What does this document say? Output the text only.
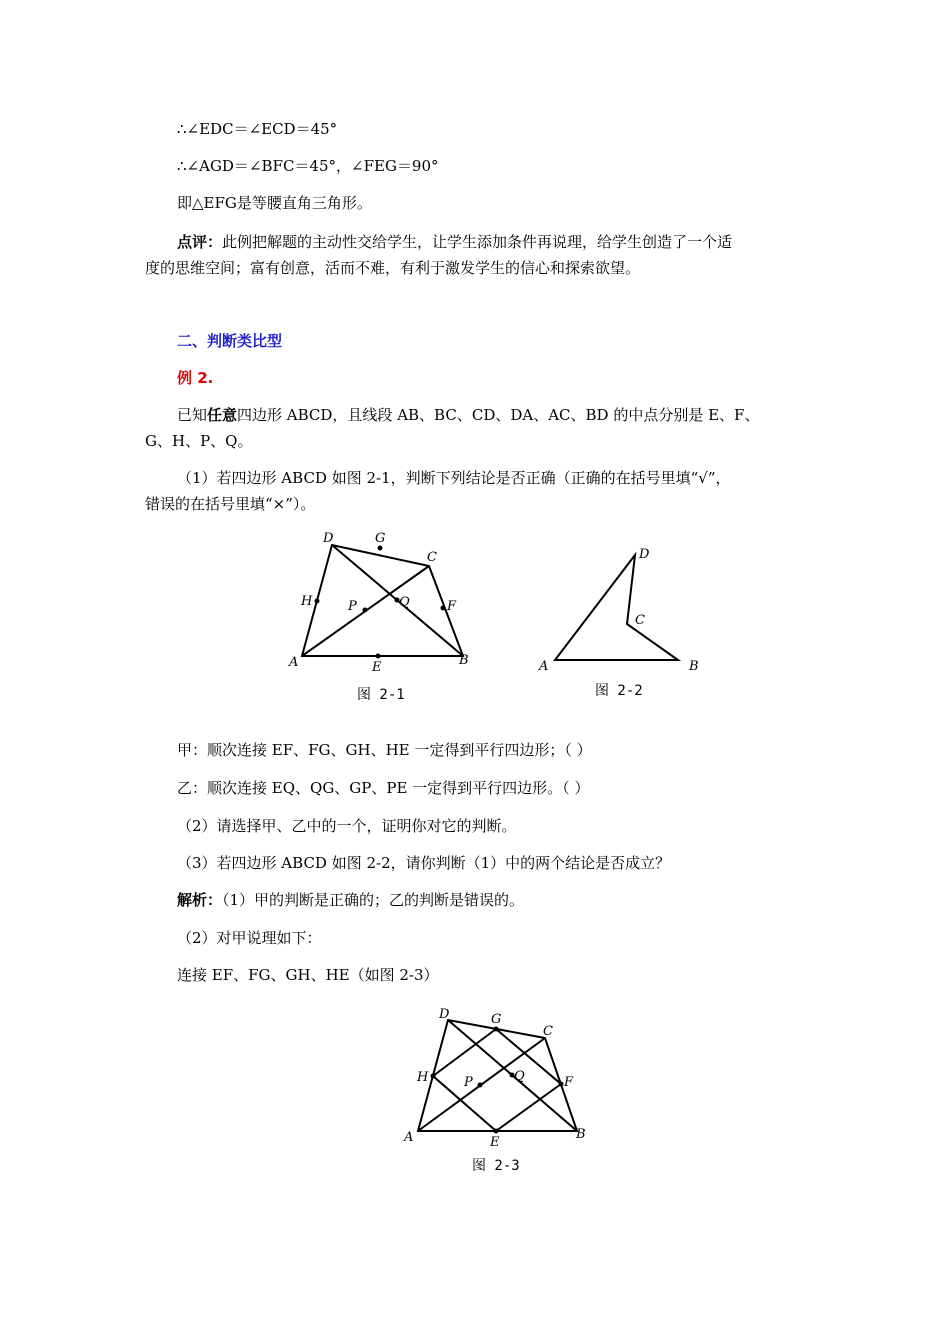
∴∠EDC＝∠ECD＝45°
∴∠AGD＝∠BFC＝45°，∠FEG＝90°
即△EFG是等腰直角三角形。
点评：此例把解题的主动性交给学生，让学生添加条件再说理，给学生创造了一个适
度的思维空间；富有创意，活而不难，有利于激发学生的信心和探索欲望。
二、判断类比型
例 2.
已知任意四边形 ABCD，且线段 AB、BC、CD、DA、AC、BD 的中点分别是 E、F、
G、H、P、Q。
（1）若四边形 ABCD 如图 2-1，判断下列结论是否正确（正确的在括号里填“√”，
错误的在括号里填“×”）。
D	G
C
H	P	Q	F
A	E	B
图 2-1
D
C
A	B
图 2-2
甲：顺次连接 EF、FG、GH、HE 一定得到平行四边形；（ ）
乙：顺次连接 EQ、QG、GP、PE 一定得到平行四边形。（ ）
（2）请选择甲、乙中的一个，证明你对它的判断。
（3）若四边形 ABCD 如图 2-2，请你判断（1）中的两个结论是否成立？
解析：（1）甲的判断是正确的；乙的判断是错误的。
（2）对甲说理如下：
连接 EF、FG、GH、HE（如图 2-3）
D	G
C
H	P	Q	F
A	E
B
图 2-3
